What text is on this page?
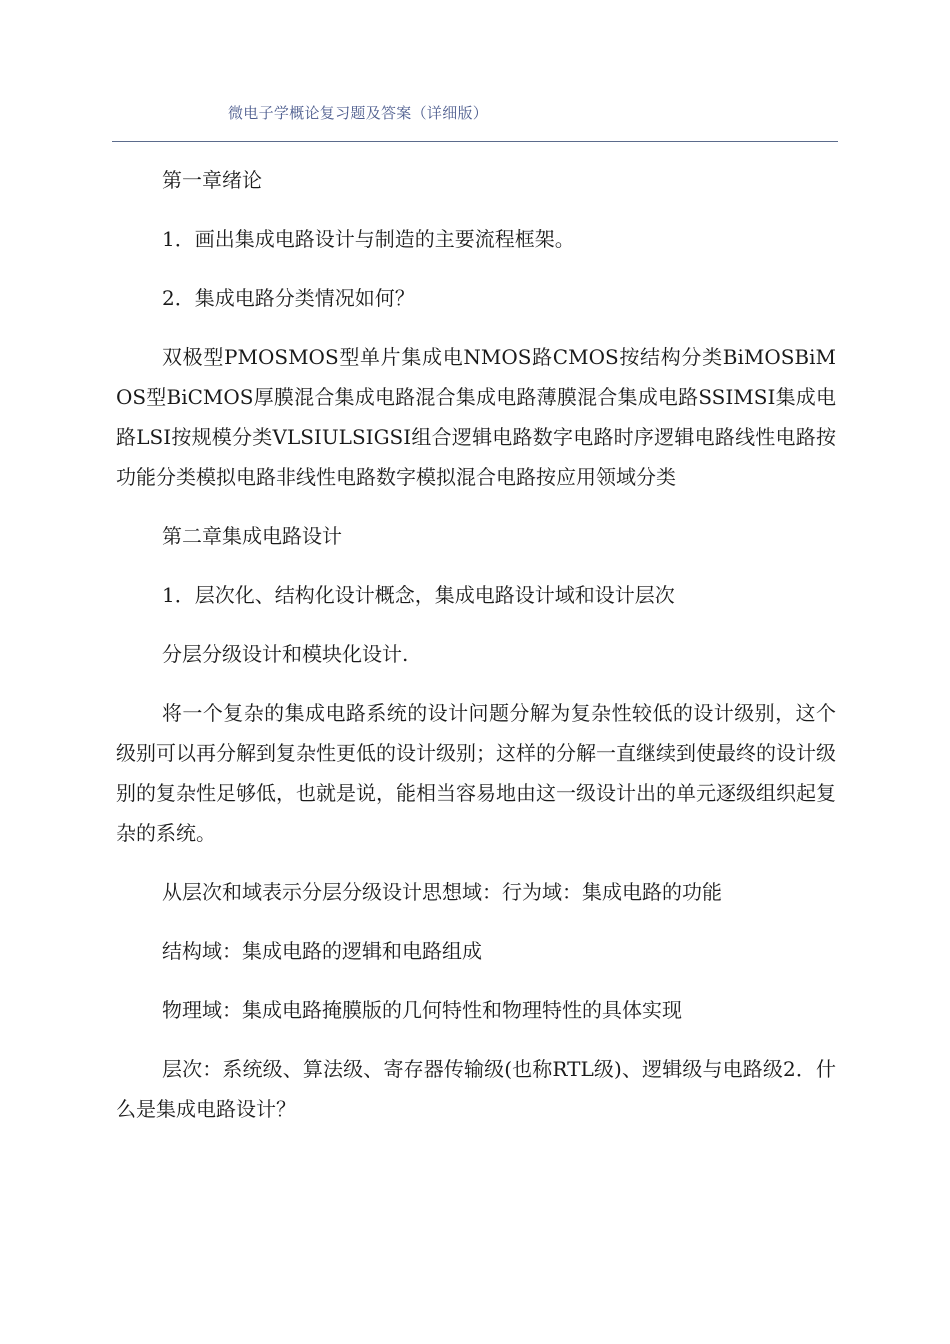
微电子学概论复习题及答案（详细版）

第一章绪论

1．画出集成电路设计与制造的主要流程框架。

2．集成电路分类情况如何？

双极型PMOSMOS型单片集成电NMOS路CMOS按结构分类BiMOSBiMOS型BiCMOS厚膜混合集成电路混合集成电路薄膜混合集成电路SSIMSI集成电路LSI按规模分类VLSIULSIGSI组合逻辑电路数字电路时序逻辑电路线性电路按功能分类模拟电路非线性电路数字模拟混合电路按应用领域分类

第二章集成电路设计

1．层次化、结构化设计概念，集成电路设计域和设计层次

分层分级设计和模块化设计.

将一个复杂的集成电路系统的设计问题分解为复杂性较低的设计级别，这个级别可以再分解到复杂性更低的设计级别；这样的分解一直继续到使最终的设计级别的复杂性足够低，也就是说，能相当容易地由这一级设计出的单元逐级组织起复杂的系统。

从层次和域表示分层分级设计思想域：行为域：集成电路的功能

结构域：集成电路的逻辑和电路组成

物理域：集成电路掩膜版的几何特性和物理特性的具体实现

层次：系统级、算法级、寄存器传输级(也称RTL级)、逻辑级与电路级2．什么是集成电路设计？
